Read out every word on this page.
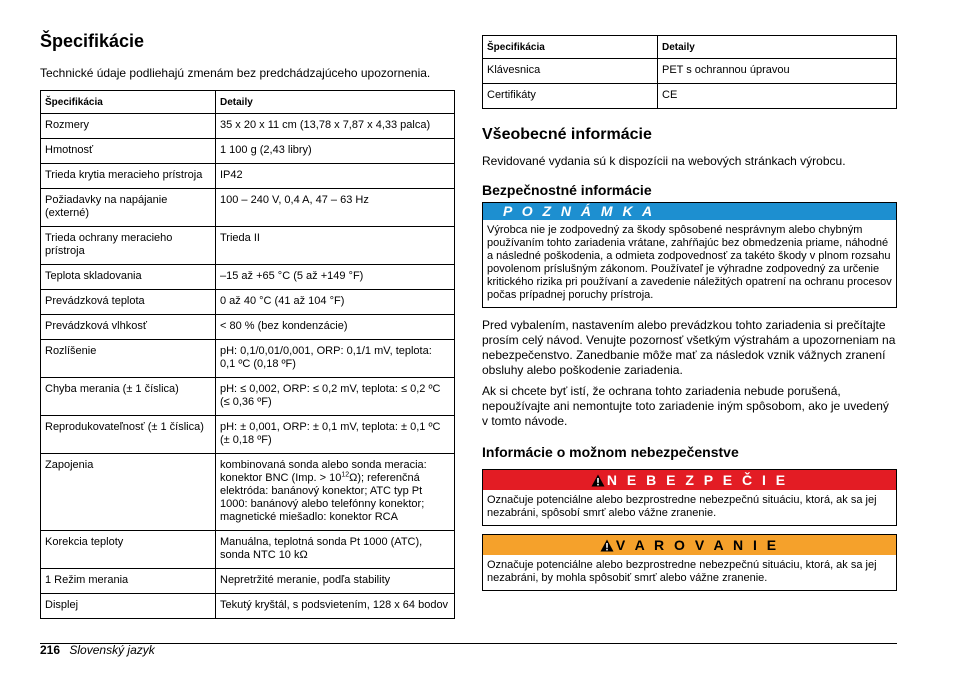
Špecifikácie

Technické údaje podliehajú zmenám bez predchádzajúceho upozornenia.

Špecifikácia	Detaily
Rozmery	35 x 20 x 11 cm (13,78 x 7,87 x 4,33 palca)
Hmotnosť	1 100 g (2,43 libry)
Trieda krytia meracieho prístroja	IP42
Požiadavky na napájanie (externé)	100 – 240 V, 0,4 A, 47 – 63 Hz
Trieda ochrany meracieho prístroja	Trieda II
Teplota skladovania	–15 až +65 °C (5 až +149 °F)
Prevádzková teplota	0 až 40 °C (41 až 104 °F)
Prevádzková vlhkosť	< 80 % (bez kondenzácie)
Rozlíšenie	pH: 0,1/0,01/0,001, ORP: 0,1/1 mV, teplota: 0,1 ºC (0,18 ºF)
Chyba merania (± 1 číslica)	pH: ≤ 0,002, ORP: ≤ 0,2 mV, teplota: ≤ 0,2 ºC (≤ 0,36 ºF)
Reprodukovateľnosť (± 1 číslica)	pH: ± 0,001, ORP: ± 0,1 mV, teplota: ± 0,1 ºC (± 0,18 ºF)
Zapojenia	kombinovaná sonda alebo sonda meracia: konektor BNC (Imp. > $10^{12}\Omega$); referenčná elektróda: banánový konektor; ATC typ Pt 1000: banánový alebo telefónny konektor; magnetické miešadlo: konektor RCA
Korekcia teploty	Manuálna, teplotná sonda Pt 1000 (ATC), sonda NTC 10 kΩ
1 Režim merania	Nepretržité meranie, podľa stability
Displej	Tekutý kryštál, s podsvietením, 128 x 64 bodov
Špecifikácia	Detaily
Klávesnica	PET s ochrannou úpravou
Certifikáty	CE
Všeobecné informácie

Revidované vydania sú k dispozícii na webových stránkach výrobcu.

Bezpečnostné informácie
P O Z N Á M K A
Výrobca nie je zodpovedný za škody spôsobené nesprávnym alebo chybným používaním tohto zariadenia vrátane, zahŕňajúc bez obmedzenia priame, náhodné a následné poškodenia, a odmieta zodpovednosť za takéto škody v plnom rozsahu povolenom príslušným zákonom. Používateľ je výhradne zodpovedný za určenie kritického rizika pri používaní a zavedenie náležitých opatrení na ochranu procesov počas prípadnej poruchy prístroja.

Pred vybalením, nastavením alebo prevádzkou tohto zariadenia si prečítajte prosím celý návod. Venujte pozornosť všetkým výstrahám a upozorneniam na nebezpečenstvo. Zanedbanie môže mať za následok vznik vážnych zranení obsluhy alebo poškodenie zariadenia.

Ak si chcete byť istí, že ochrana tohto zariadenia nebude porušená, nepoužívajte ani nemontujte toto zariadenie iným spôsobom, ako je uvedený v tomto návode.

Informácie o možnom nebezpečenstve
N E B E Z P E Č I E
Označuje potenciálne alebo bezprostredne nebezpečnú situáciu, ktorá, ak sa jej nezabráni, spôsobí smrť alebo vážne zranenie.
V A R O V A N I E
Označuje potenciálne alebo bezprostredne nebezpečnú situáciu, ktorá, ak sa jej nezabráni, by mohla spôsobiť smrť alebo vážne zranenie.
216 Slovenský jazyk
